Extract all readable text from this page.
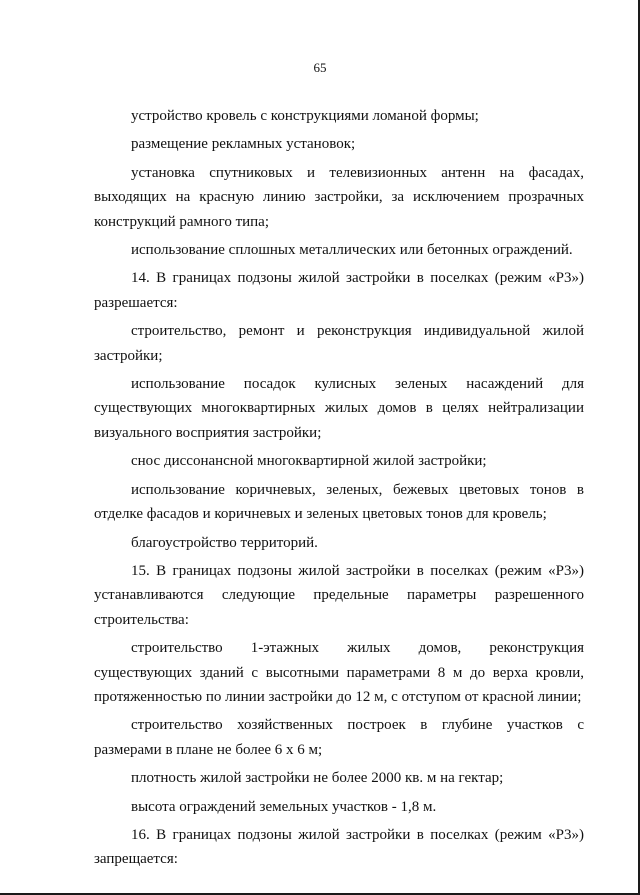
65

устройство кровель с конструкциями ломаной формы;

размещение рекламных установок;

установка спутниковых и телевизионных антенн на фасадах, выходящих на красную линию застройки, за исключением прозрачных конструкций рамного типа;

использование сплошных металлических или бетонных ограждений.

14. В границах подзоны жилой застройки в поселках (режим «Р3») разрешается:

строительство, ремонт и реконструкция индивидуальной жилой застройки;

использование посадок кулисных зеленых насаждений для существующих многоквартирных жилых домов в целях нейтрализации визуального восприятия застройки;

снос диссонансной многоквартирной жилой застройки;

использование коричневых, зеленых, бежевых цветовых тонов в отделке фасадов и коричневых и зеленых цветовых тонов для кровель;

благоустройство территорий.

15. В границах подзоны жилой застройки в поселках (режим «Р3») устанавливаются следующие предельные параметры разрешенного строительства:

строительство 1-этажных жилых домов, реконструкция существующих зданий с высотными параметрами 8 м до верха кровли, протяженностью по линии застройки до 12 м, с отступом от красной линии;

строительство хозяйственных построек в глубине участков с размерами в плане не более 6 х 6 м;

плотность жилой застройки не более 2000 кв. м на гектар;

высота ограждений земельных участков - 1,8 м.

16. В границах подзоны жилой застройки в поселках (режим «Р3») запрещается:
